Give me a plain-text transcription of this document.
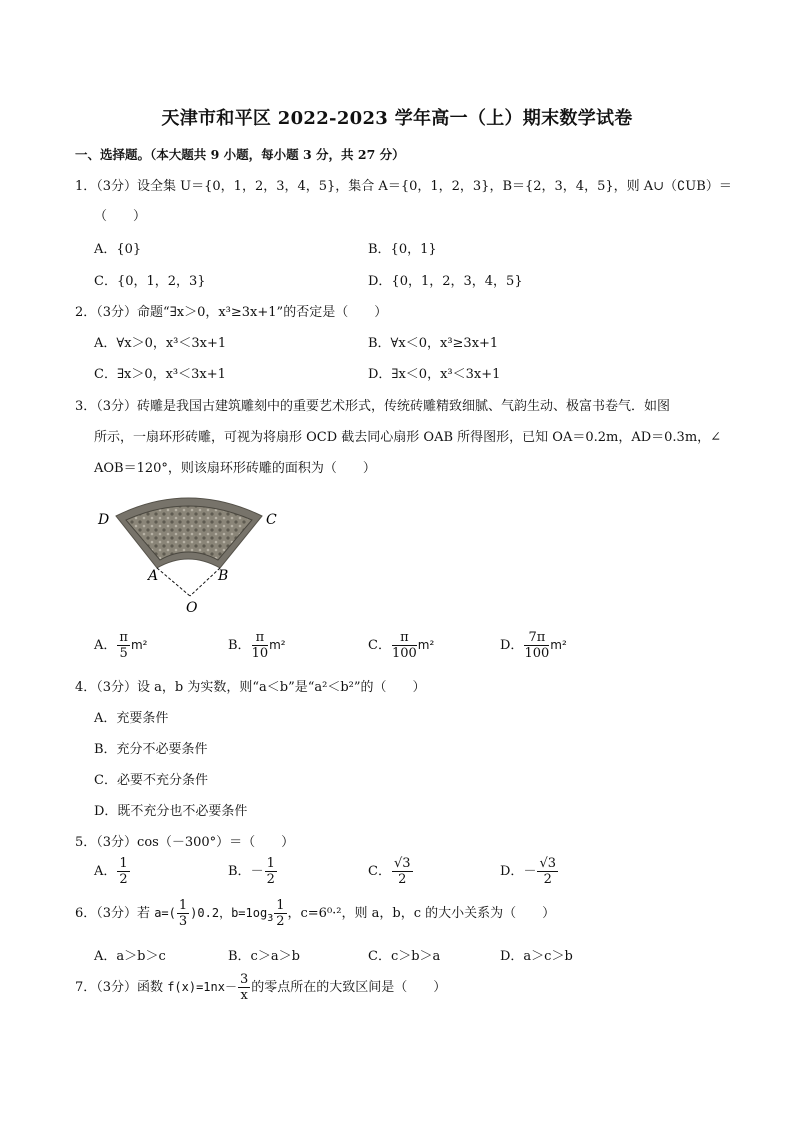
天津市和平区 2022-2023 学年高一（上）期末数学试卷
一、选择题。（本大题共 9 小题，每小题 3 分，共 27 分）
1．（3分）设全集 U＝{0，1，2，3，4，5}，集合 A＝{0，1，2，3}，B＝{2，3，4，5}，则 A∪（∁UB）＝
（　　）
A．{0}	B．{0，1}
C．{0，1，2，3}	D．{0，1，2，3，4，5}
2．（3分）命题“∃x＞0，x³≥3x+1”的否定是（　　）
A．∀x＞0，x³＜3x+1	B．∀x＜0，x³≥3x+1
C．∃x＞0，x³＜3x+1	D．∃x＜0，x³＜3x+1
3．（3分）砖雕是我国古建筑雕刻中的重要艺术形式，传统砖雕精致细腻、气韵生动、极富书卷气．如图
所示，一扇环形砖雕，可视为将扇形 OCD 截去同心扇形 OAB 所得图形，已知 OA＝0.2m，AD＝0.3m，∠
AOB＝120°，则该扇环形砖雕的面积为（　　）
D	C
A	B
O
A． $\frac{\pi}{5} m^2$	B． $\frac{\pi}{10} m^2$	C． $\frac{\pi}{100} m^2$	D． $\frac{7\pi}{100} m^2$
4．（3分）设 a，b 为实数，则“a＜b”是“a²＜b²”的（　　）
A．充要条件
B．充分不必要条件
C．必要不充分条件
D．既不充分也不必要条件
5．（3分）cos（－300°）＝（　　）
A． $\frac{1}{2}$	B．－ $\frac{1}{2}$	C． $\frac{√3}{2}$	D．－ $\frac{√3}{2}$
6．（3分）若 $a=( \frac{1}{3} )0.2$，$b=1og_3 \frac{1}{2}$ ，c=6⁰·²，则 a，b，c 的大小关系为（　　）
A．a＞b＞c	B．c＞a＞b	C．c＞b＞a	D．a＞c＞b
7．（3分）函数 $f(x)=1nx- \frac{3}{x}$ 的零点所在的大致区间是（　　）
